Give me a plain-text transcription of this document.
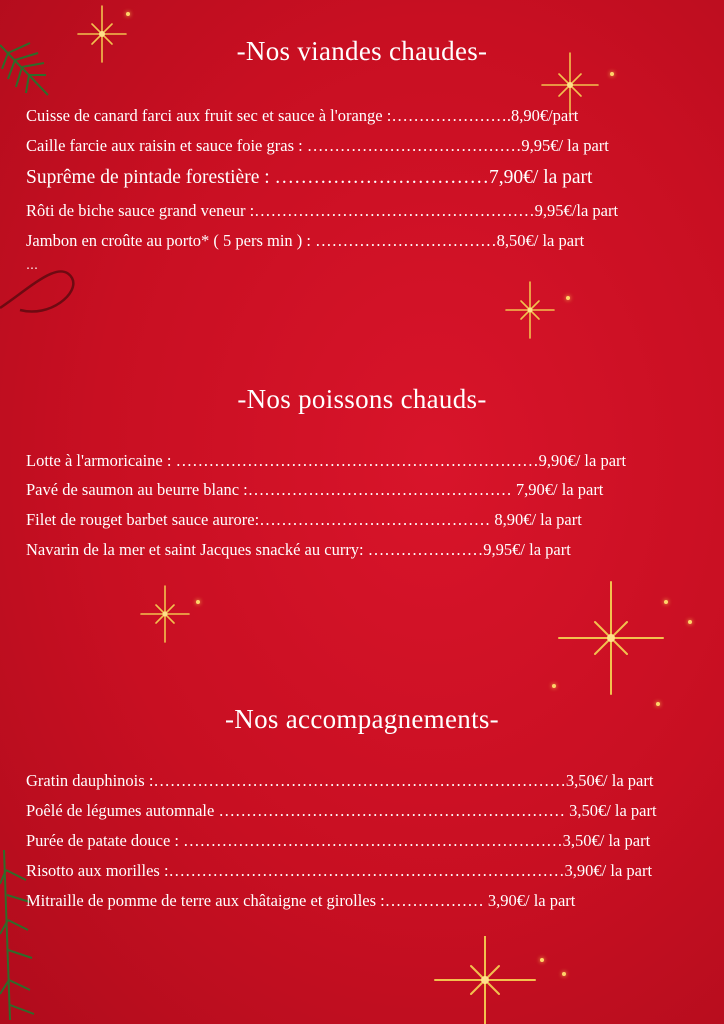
-Nos viandes chaudes-
Cuisse de canard farci aux fruit sec et sauce à l'orange :………………….8,90€/part
Caille farcie aux raisin et sauce foie gras : …………………………………9,95€/ la part
Suprême de pintade forestière : ……………………………7,90€/ la part
Rôti de biche sauce grand veneur :……………………………………………9,95€/la part
Jambon en croûte au porto* ( 5 pers min ) : ……………………………8,50€/ la part
…
-Nos poissons chauds-
Lotte à l'armoricaine : …………………………………………………………9,90€/ la part
Pavé de saumon au beurre blanc :………………………………………… 7,90€/ la part
Filet de rouget barbet sauce aurore:…………………………………… 8,90€/ la part
Navarin de la mer et saint Jacques snacké au curry: …………………9,95€/ la part
-Nos accompagnements-
Gratin dauphinois :…………………………………………………………………3,50€/ la part
Poêlé de légumes automnale ……………………………………………………… 3,50€/ la part
Purée de patate douce : ……………………………………………………………3,50€/ la part
Risotto aux morilles :………………………………………………………………3,90€/ la part
Mitraille de pomme de terre aux châtaigne et girolles :……………… 3,90€/ la part
